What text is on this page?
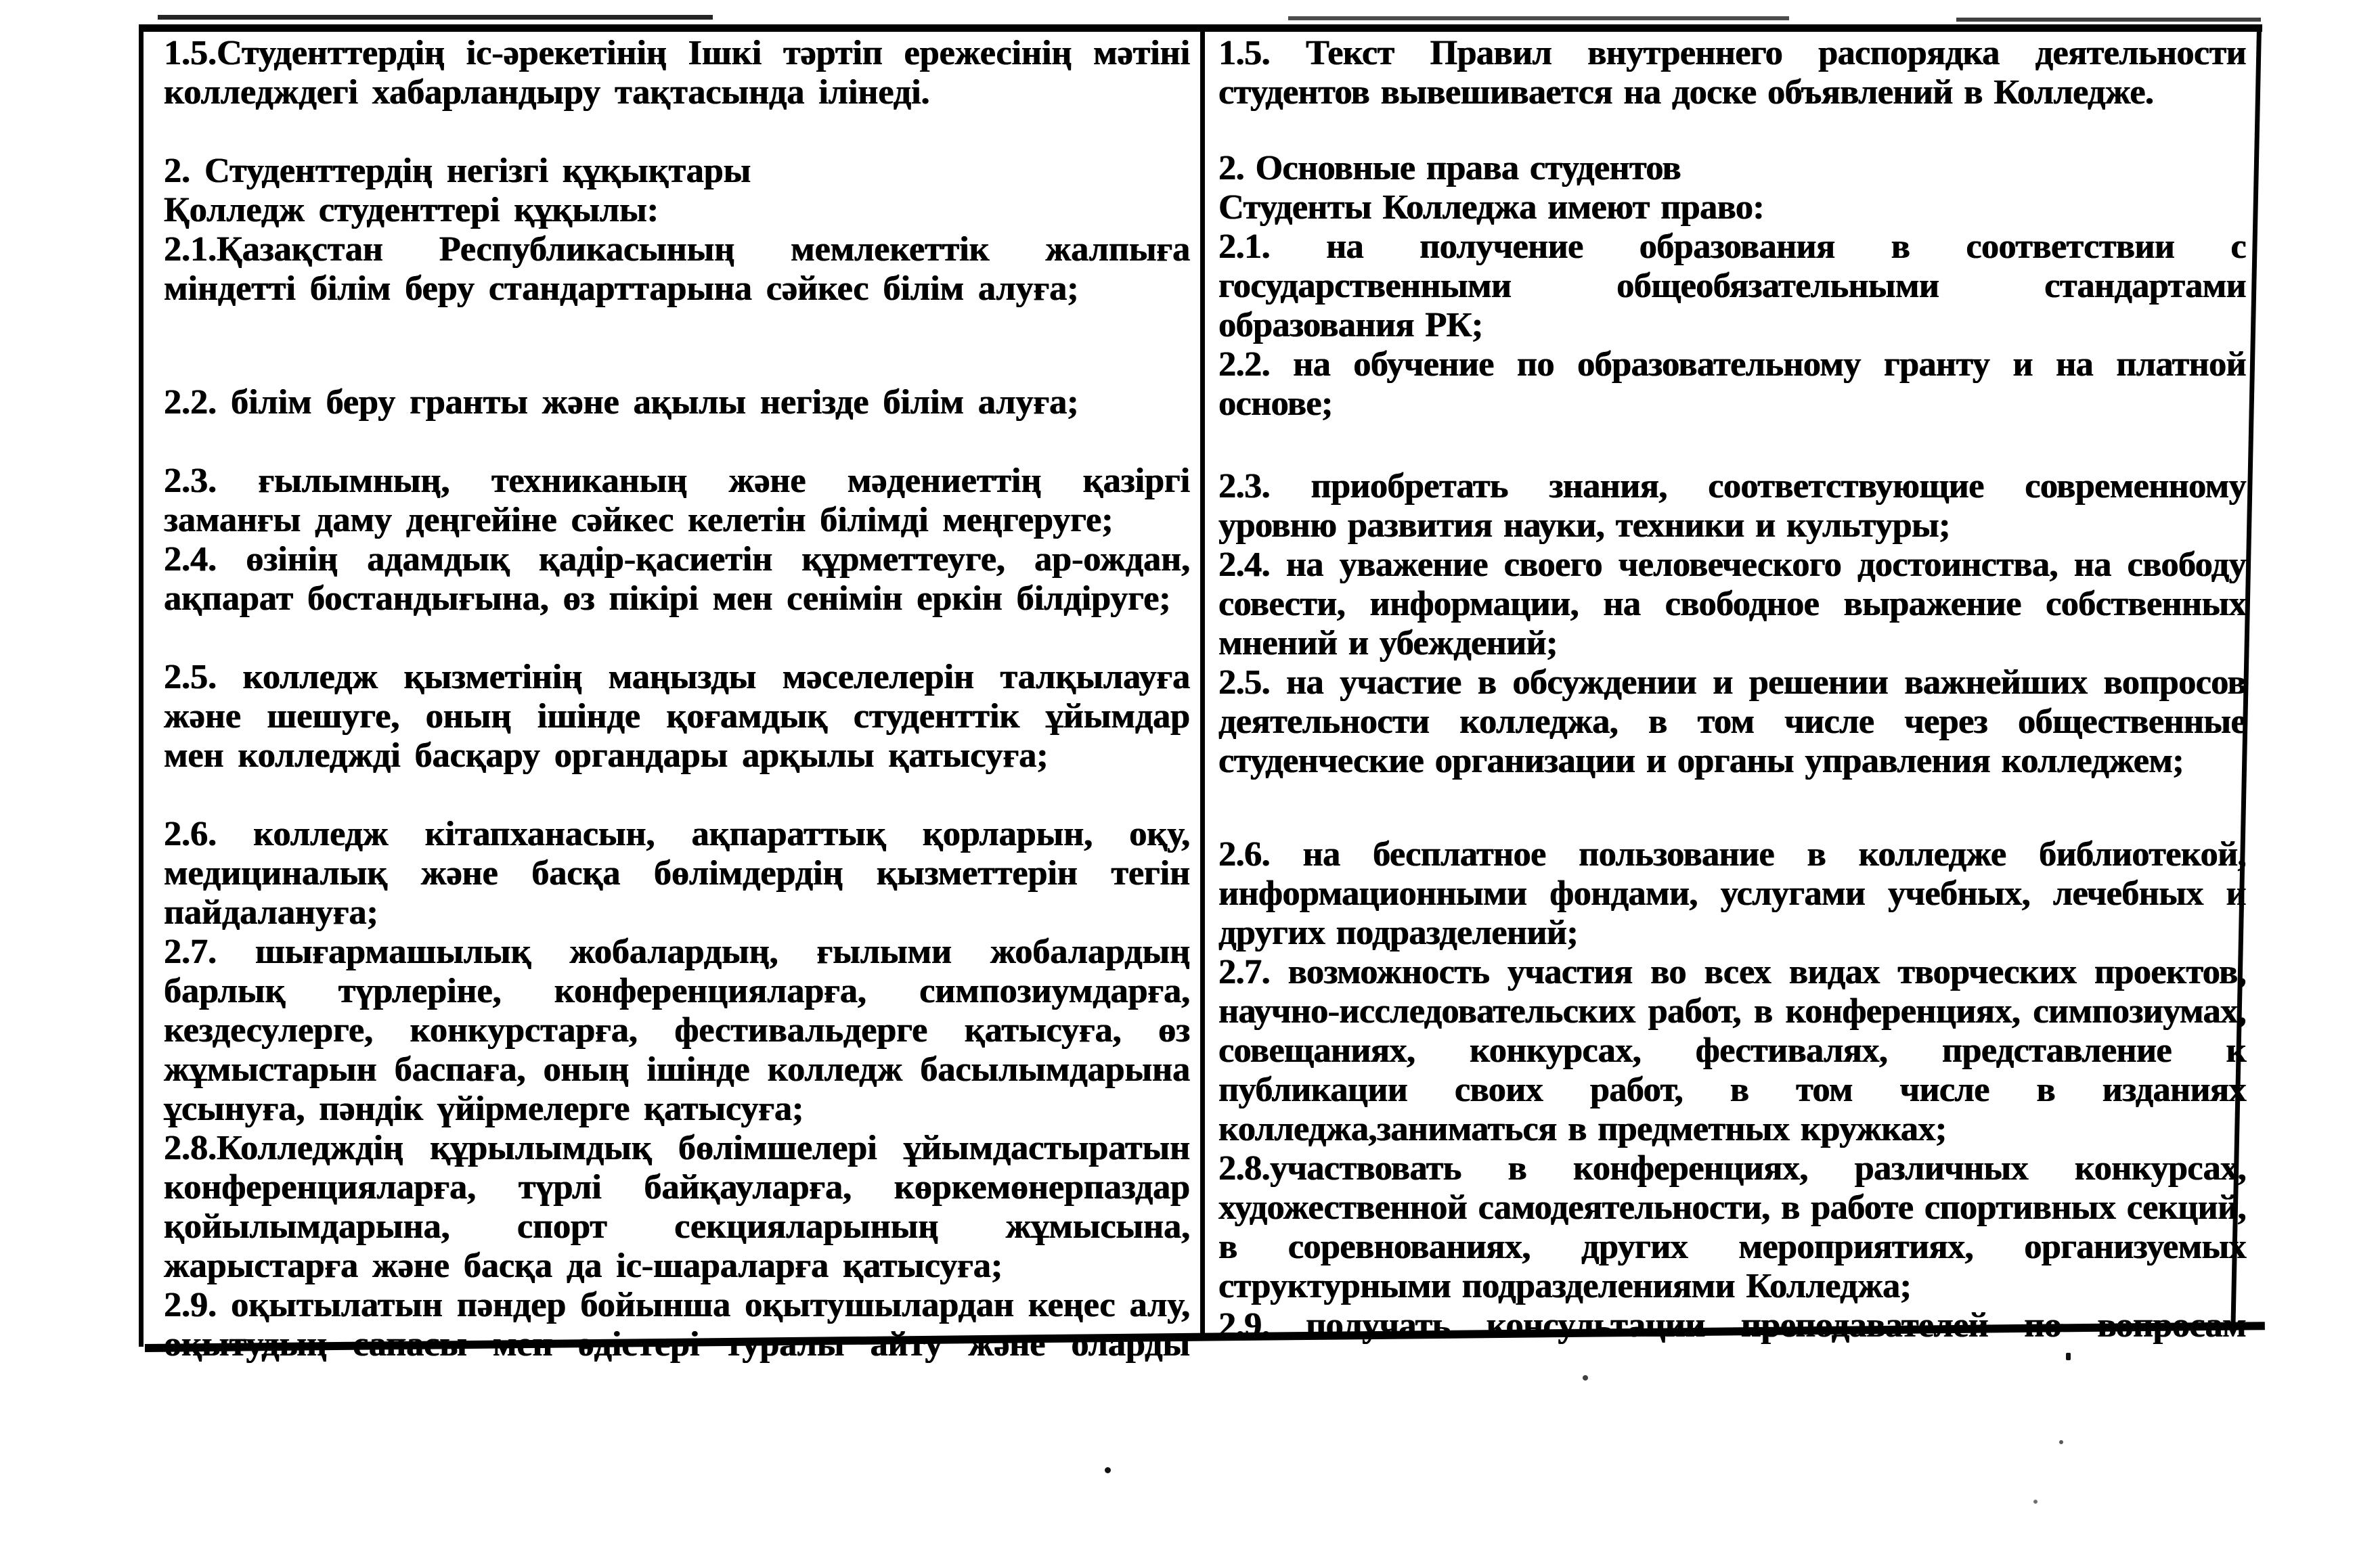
1.5.Студенттердің іс-әрекетінің Ішкі тәртіп ережесінің мәтіні колледждегі хабарландыру тақтасында ілінеді.

2. Студенттердің негізгі құқықтары

Қолледж студенттері құқылы:

2.1.Қазақстан Республикасының мемлекеттік жалпыға міндетті білім беру стандарттарына сәйкес білім алуға;

2.2. білім беру гранты және ақылы негізде білім алуға;

2.3. ғылымның, техниканың және мәдениеттің қазіргі заманғы даму деңгейіне сәйкес келетін білімді меңгеруге;

2.4. өзінің адамдық қадір-қасиетін құрметтеуге, ар-ождан, ақпарат бостандығына, өз пікірі мен сенімін еркін білдіруге;

2.5. колледж қызметінің маңызды мәселелерін талқылауға және шешуге, оның ішінде қоғамдық студенттік ұйымдар мен колледжді басқару органдары арқылы қатысуға;

2.6. колледж кітапханасын, ақпараттық қорларын, оқу, медициналық және басқа бөлімдердің қызметтерін тегін пайдалануға;

2.7. шығармашылық жобалардың, ғылыми жобалардың барлық түрлеріне, конференцияларға, симпозиумдарға, кездесулерге, конкурстарға, фестивальдерге қатысуға, өз жұмыстарын баспаға, оның ішінде колледж басылымдарына ұсынуға, пәндік үйірмелерге қатысуға;

2.8.Колледждің құрылымдық бөлімшелері ұйымдастыратын конференцияларға, түрлі байқауларға, көркемөнерпаздар қойылымдарына, спорт секцияларының жұмысына, жарыстарға және басқа да іс-шараларға қатысуға;

2.9. оқытылатын пәндер бойынша оқытушылардан кеңес алу, оқытудың сапасы мен әдістері туралы айту және оларды

1.5. Текст Правил внутреннего распорядка деятельности студентов вывешивается на доске объявлений в Колледже.

2. Основные права студентов

Студенты Колледжа имеют право:

2.1. на получение образования в соответствии с государственными общеобязательными стандартами образования РК;

2.2. на обучение по образовательному гранту и на платной основе;

2.3. приобретать знания, соответствующие современному уровню развития науки, техники и культуры;

2.4. на уважение своего человеческого достоинства, на свободу совести, информации, на свободное выражение собственных мнений и убеждений;

2.5. на участие в обсуждении и решении важнейших вопросов деятельности колледжа, в том числе через общественные студенческие организации и органы управления колледжем;

2.6. на бесплатное пользование в колледже библиотекой, информационными фондами, услугами учебных, лечебных и других подразделений;

2.7. возможность участия во всех видах творческих проектов, научно-исследовательских работ, в конференциях, симпозиумах, совещаниях, конкурсах, фестивалях, представление к публикации своих работ, в том числе в изданиях колледжа,заниматься в предметных кружках;

2.8.участвовать в конференциях, различных конкурсах, художественной самодеятельности, в работе спортивных секций, в соревнованиях, других мероприятиях, организуемых структурными подразделениями Колледжа;

2.9. получать консультации преподавателей по вопросам
